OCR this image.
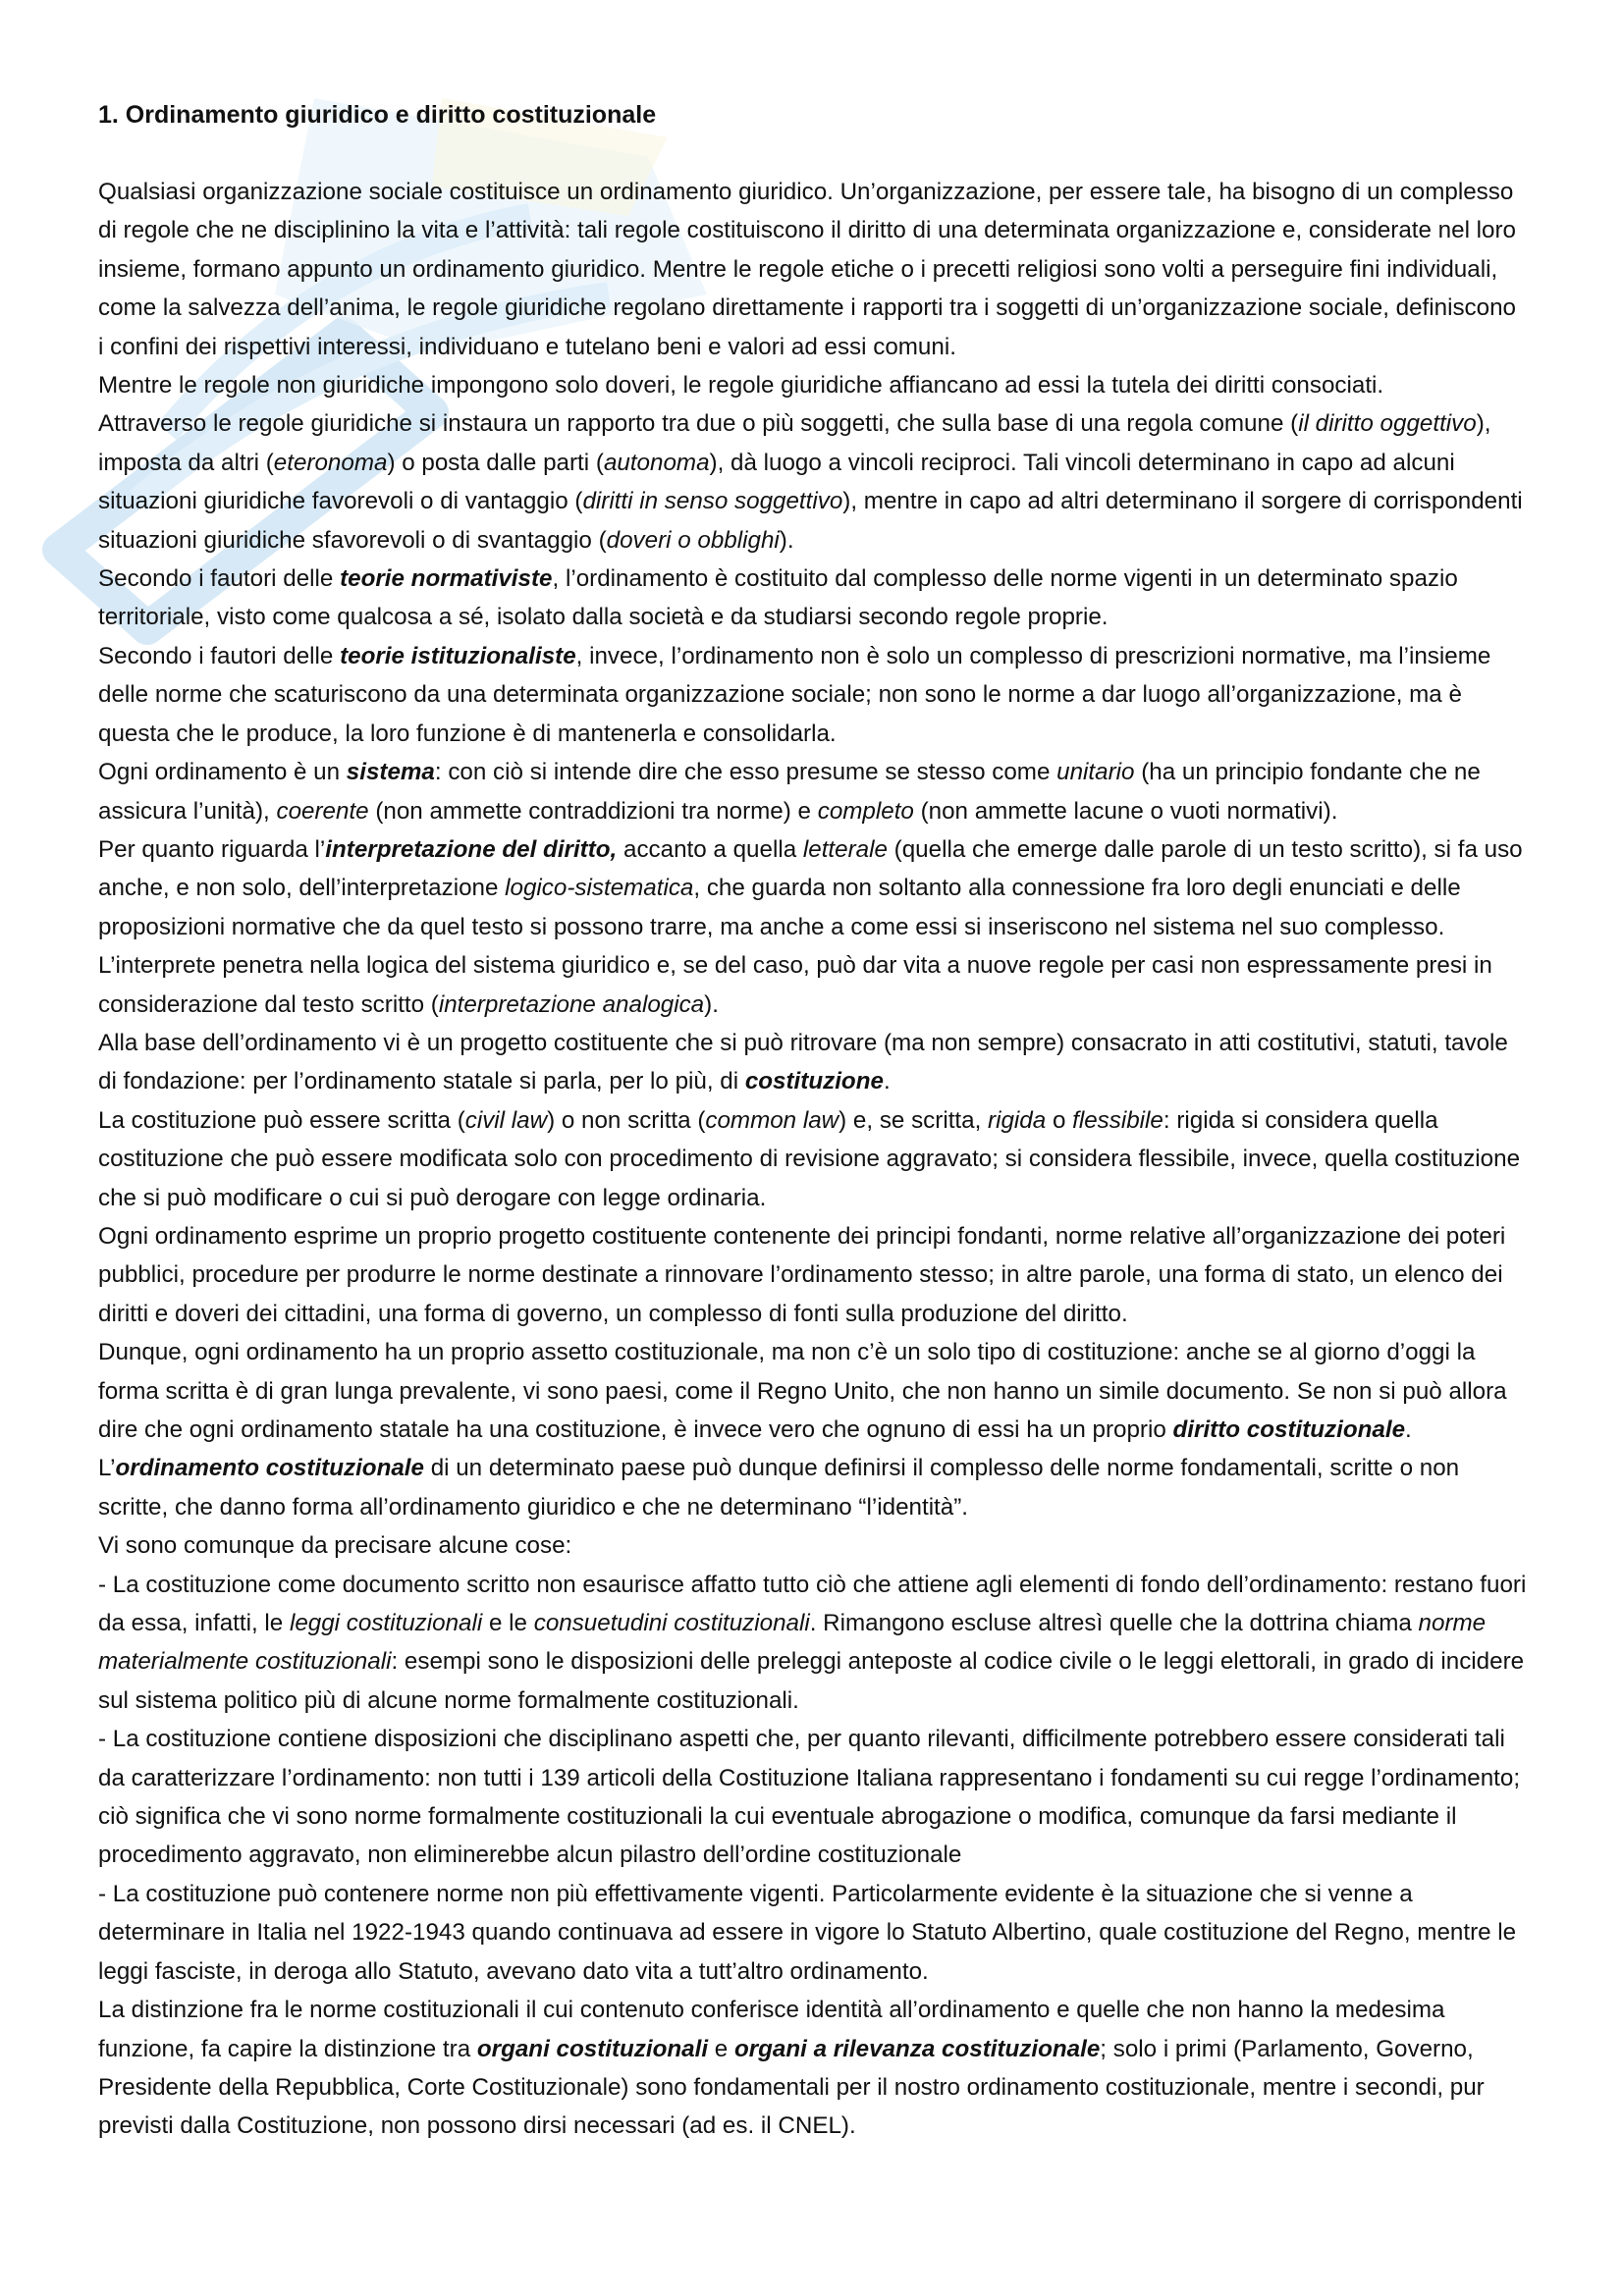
1. Ordinamento giuridico e diritto costituzionale

Qualsiasi organizzazione sociale costituisce un ordinamento giuridico. Un’organizzazione, per essere tale, ha bisogno di un complesso di regole che ne disciplinino la vita e l’attività: tali regole costituiscono il diritto di una determinata organizzazione e, considerate nel loro insieme, formano appunto un ordinamento giuridico. Mentre le regole etiche o i precetti religiosi sono volti a perseguire fini individuali, come la salvezza dell’anima, le regole giuridiche regolano direttamente i rapporti tra i soggetti di un’organizzazione sociale, definiscono i confini dei rispettivi interessi, individuano e tutelano beni e valori ad essi comuni.

Mentre le regole non giuridiche impongono solo doveri, le regole giuridiche affiancano ad essi la tutela dei diritti consociati.

Attraverso le regole giuridiche si instaura un rapporto tra due o più soggetti, che sulla base di una regola comune (il diritto oggettivo), imposta da altri (eteronoma) o posta dalle parti (autonoma), dà luogo a vincoli reciproci. Tali vincoli determinano in capo ad alcuni situazioni giuridiche favorevoli o di vantaggio (diritti in senso soggettivo), mentre in capo ad altri determinano il sorgere di corrispondenti situazioni giuridiche sfavorevoli o di svantaggio (doveri o obblighi).

Secondo i fautori delle teorie normativiste, l’ordinamento è costituito dal complesso delle norme vigenti in un determinato spazio territoriale, visto come qualcosa a sé, isolato dalla società e da studiarsi secondo regole proprie.

Secondo i fautori delle teorie istituzionaliste, invece, l’ordinamento non è solo un complesso di prescrizioni normative, ma l’insieme delle norme che scaturiscono da una determinata organizzazione sociale; non sono le norme a dar luogo all’organizzazione, ma è questa che le produce, la loro funzione è di mantenerla e consolidarla.

Ogni ordinamento è un sistema: con ciò si intende dire che esso presume se stesso come unitario (ha un principio fondante che ne assicura l’unità), coerente (non ammette contraddizioni tra norme) e completo (non ammette lacune o vuoti normativi).

Per quanto riguarda l’interpretazione del diritto, accanto a quella letterale (quella che emerge dalle parole di un testo scritto), si fa uso anche, e non solo, dell’interpretazione logico-sistematica, che guarda non soltanto alla connessione fra loro degli enunciati e delle proposizioni normative che da quel testo si possono trarre, ma anche a come essi si inseriscono nel sistema nel suo complesso. L’interprete penetra nella logica del sistema giuridico e, se del caso, può dar vita a nuove regole per casi non espressamente presi in considerazione dal testo scritto (interpretazione analogica).

Alla base dell’ordinamento vi è un progetto costituente che si può ritrovare (ma non sempre) consacrato in atti costitutivi, statuti, tavole di fondazione: per l’ordinamento statale si parla, per lo più, di costituzione.

La costituzione può essere scritta (civil law) o non scritta (common law) e, se scritta, rigida o flessibile: rigida si considera quella costituzione che può essere modificata solo con procedimento di revisione aggravato; si considera flessibile, invece, quella costituzione che si può modificare o cui si può derogare con legge ordinaria.

Ogni ordinamento esprime un proprio progetto costituente contenente dei principi fondanti, norme relative all’organizzazione dei poteri pubblici, procedure per produrre le norme destinate a rinnovare l’ordinamento stesso; in altre parole, una forma di stato, un elenco dei diritti e doveri dei cittadini, una forma di governo, un complesso di fonti sulla produzione del diritto.

Dunque, ogni ordinamento ha un proprio assetto costituzionale, ma non c’è un solo tipo di costituzione: anche se al giorno d’oggi la forma scritta è di gran lunga prevalente, vi sono paesi, come il Regno Unito, che non hanno un simile documento. Se non si può allora dire che ogni ordinamento statale ha una costituzione, è invece vero che ognuno di essi ha un proprio diritto costituzionale.

L’ordinamento costituzionale di un determinato paese può dunque definirsi il complesso delle norme fondamentali, scritte o non scritte, che danno forma all’ordinamento giuridico e che ne determinano “l’identità”.

Vi sono comunque da precisare alcune cose:

- La costituzione come documento scritto non esaurisce affatto tutto ciò che attiene agli elementi di fondo dell’ordinamento: restano fuori da essa, infatti, le leggi costituzionali e le consuetudini costituzionali. Rimangono escluse altresì quelle che la dottrina chiama norme materialmente costituzionali: esempi sono le disposizioni delle preleggi anteposte al codice civile o le leggi elettorali, in grado di incidere sul sistema politico più di alcune norme formalmente costituzionali.

- La costituzione contiene disposizioni che disciplinano aspetti che, per quanto rilevanti, difficilmente potrebbero essere considerati tali da caratterizzare l’ordinamento: non tutti i 139 articoli della Costituzione Italiana rappresentano i fondamenti su cui regge l’ordinamento; ciò significa che vi sono norme formalmente costituzionali la cui eventuale abrogazione o modifica, comunque da farsi mediante il procedimento aggravato, non eliminerebbe alcun pilastro dell’ordine costituzionale

- La costituzione può contenere norme non più effettivamente vigenti. Particolarmente evidente è la situazione che si venne a determinare in Italia nel 1922-1943 quando continuava ad essere in vigore lo Statuto Albertino, quale costituzione del Regno, mentre le leggi fasciste, in deroga allo Statuto, avevano dato vita a tutt’altro ordinamento.

La distinzione fra le norme costituzionali il cui contenuto conferisce identità all’ordinamento e quelle che non hanno la medesima funzione, fa capire la distinzione tra organi costituzionali e organi a rilevanza costituzionale; solo i primi (Parlamento, Governo, Presidente della Repubblica, Corte Costituzionale) sono fondamentali per il nostro ordinamento costituzionale, mentre i secondi, pur previsti dalla Costituzione, non possono dirsi necessari (ad es. il CNEL).
